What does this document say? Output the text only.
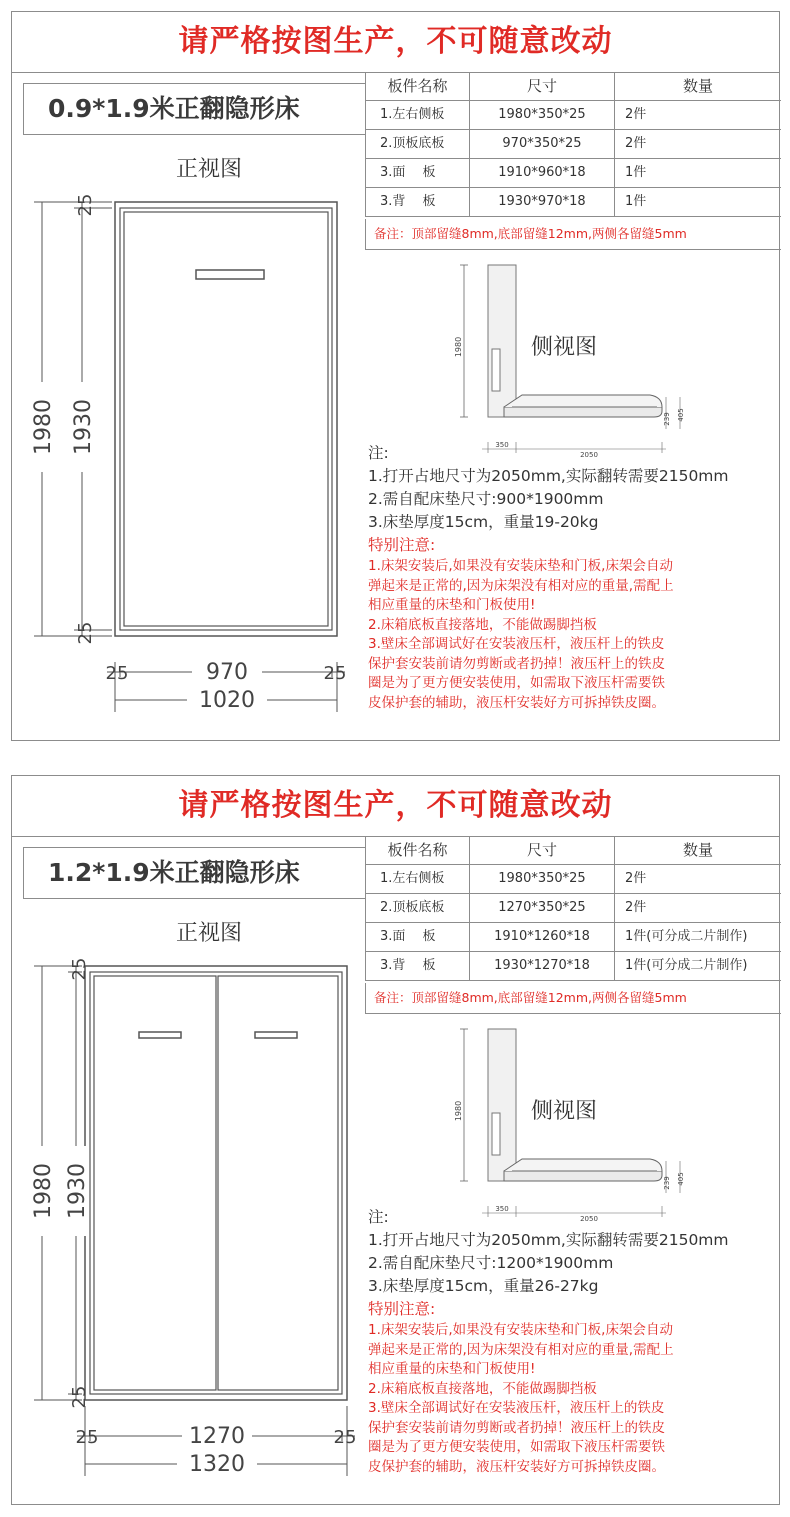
请严格按图生产，不可随意改动
0.9*1.9米正翻隐形床
板件名称	尺寸	数量
1.左右侧板	1980*350*25	2件
2.顶板底板	970*350*25	2件
3.面　 板	1910*960*18	1件
3.背　 板	1930*970*18	1件
备注：顶部留缝8mm,底部留缝12mm,两侧各留缝5mm
正视图
1980 1930
25
25
970
1020
25	25
1980
239 405
350
2050
侧视图
注:
1.打开占地尺寸为2050mm,实际翻转需要2150mm
2.需自配床垫尺寸:900*1900mm
3.床垫厚度15cm，重量19-20kg
特别注意:
1.床架安装后,如果没有安装床垫和门板,床架会自动
弹起来是正常的,因为床架没有相对应的重量,需配上
相应重量的床垫和门板使用!
2.床箱底板直接落地，不能做踢脚挡板
3.壁床全部调试好在安装液压杆，液压杆上的铁皮
保护套安装前请勿剪断或者扔掉！液压杆上的铁皮
圈是为了更方便安装使用，如需取下液压杆需要铁
皮保护套的辅助，液压杆安装好方可拆掉铁皮圈。
请严格按图生产，不可随意改动
1.2*1.9米正翻隐形床
板件名称	尺寸	数量
1.左右侧板	1980*350*25	2件
2.顶板底板	1270*350*25	2件
3.面　 板	1910*1260*18	1件(可分成二片制作)
3.背　 板	1930*1270*18	1件(可分成二片制作)
备注：顶部留缝8mm,底部留缝12mm,两侧各留缝5mm
正视图
1980 1930
25
25
1270
1320
25	25
1980
239 405
350
2050
侧视图
注:
1.打开占地尺寸为2050mm,实际翻转需要2150mm
2.需自配床垫尺寸:1200*1900mm
3.床垫厚度15cm，重量26-27kg
特别注意:
1.床架安装后,如果没有安装床垫和门板,床架会自动
弹起来是正常的,因为床架没有相对应的重量,需配上
相应重量的床垫和门板使用!
2.床箱底板直接落地，不能做踢脚挡板
3.壁床全部调试好在安装液压杆，液压杆上的铁皮
保护套安装前请勿剪断或者扔掉！液压杆上的铁皮
圈是为了更方便安装使用，如需取下液压杆需要铁
皮保护套的辅助，液压杆安装好方可拆掉铁皮圈。
